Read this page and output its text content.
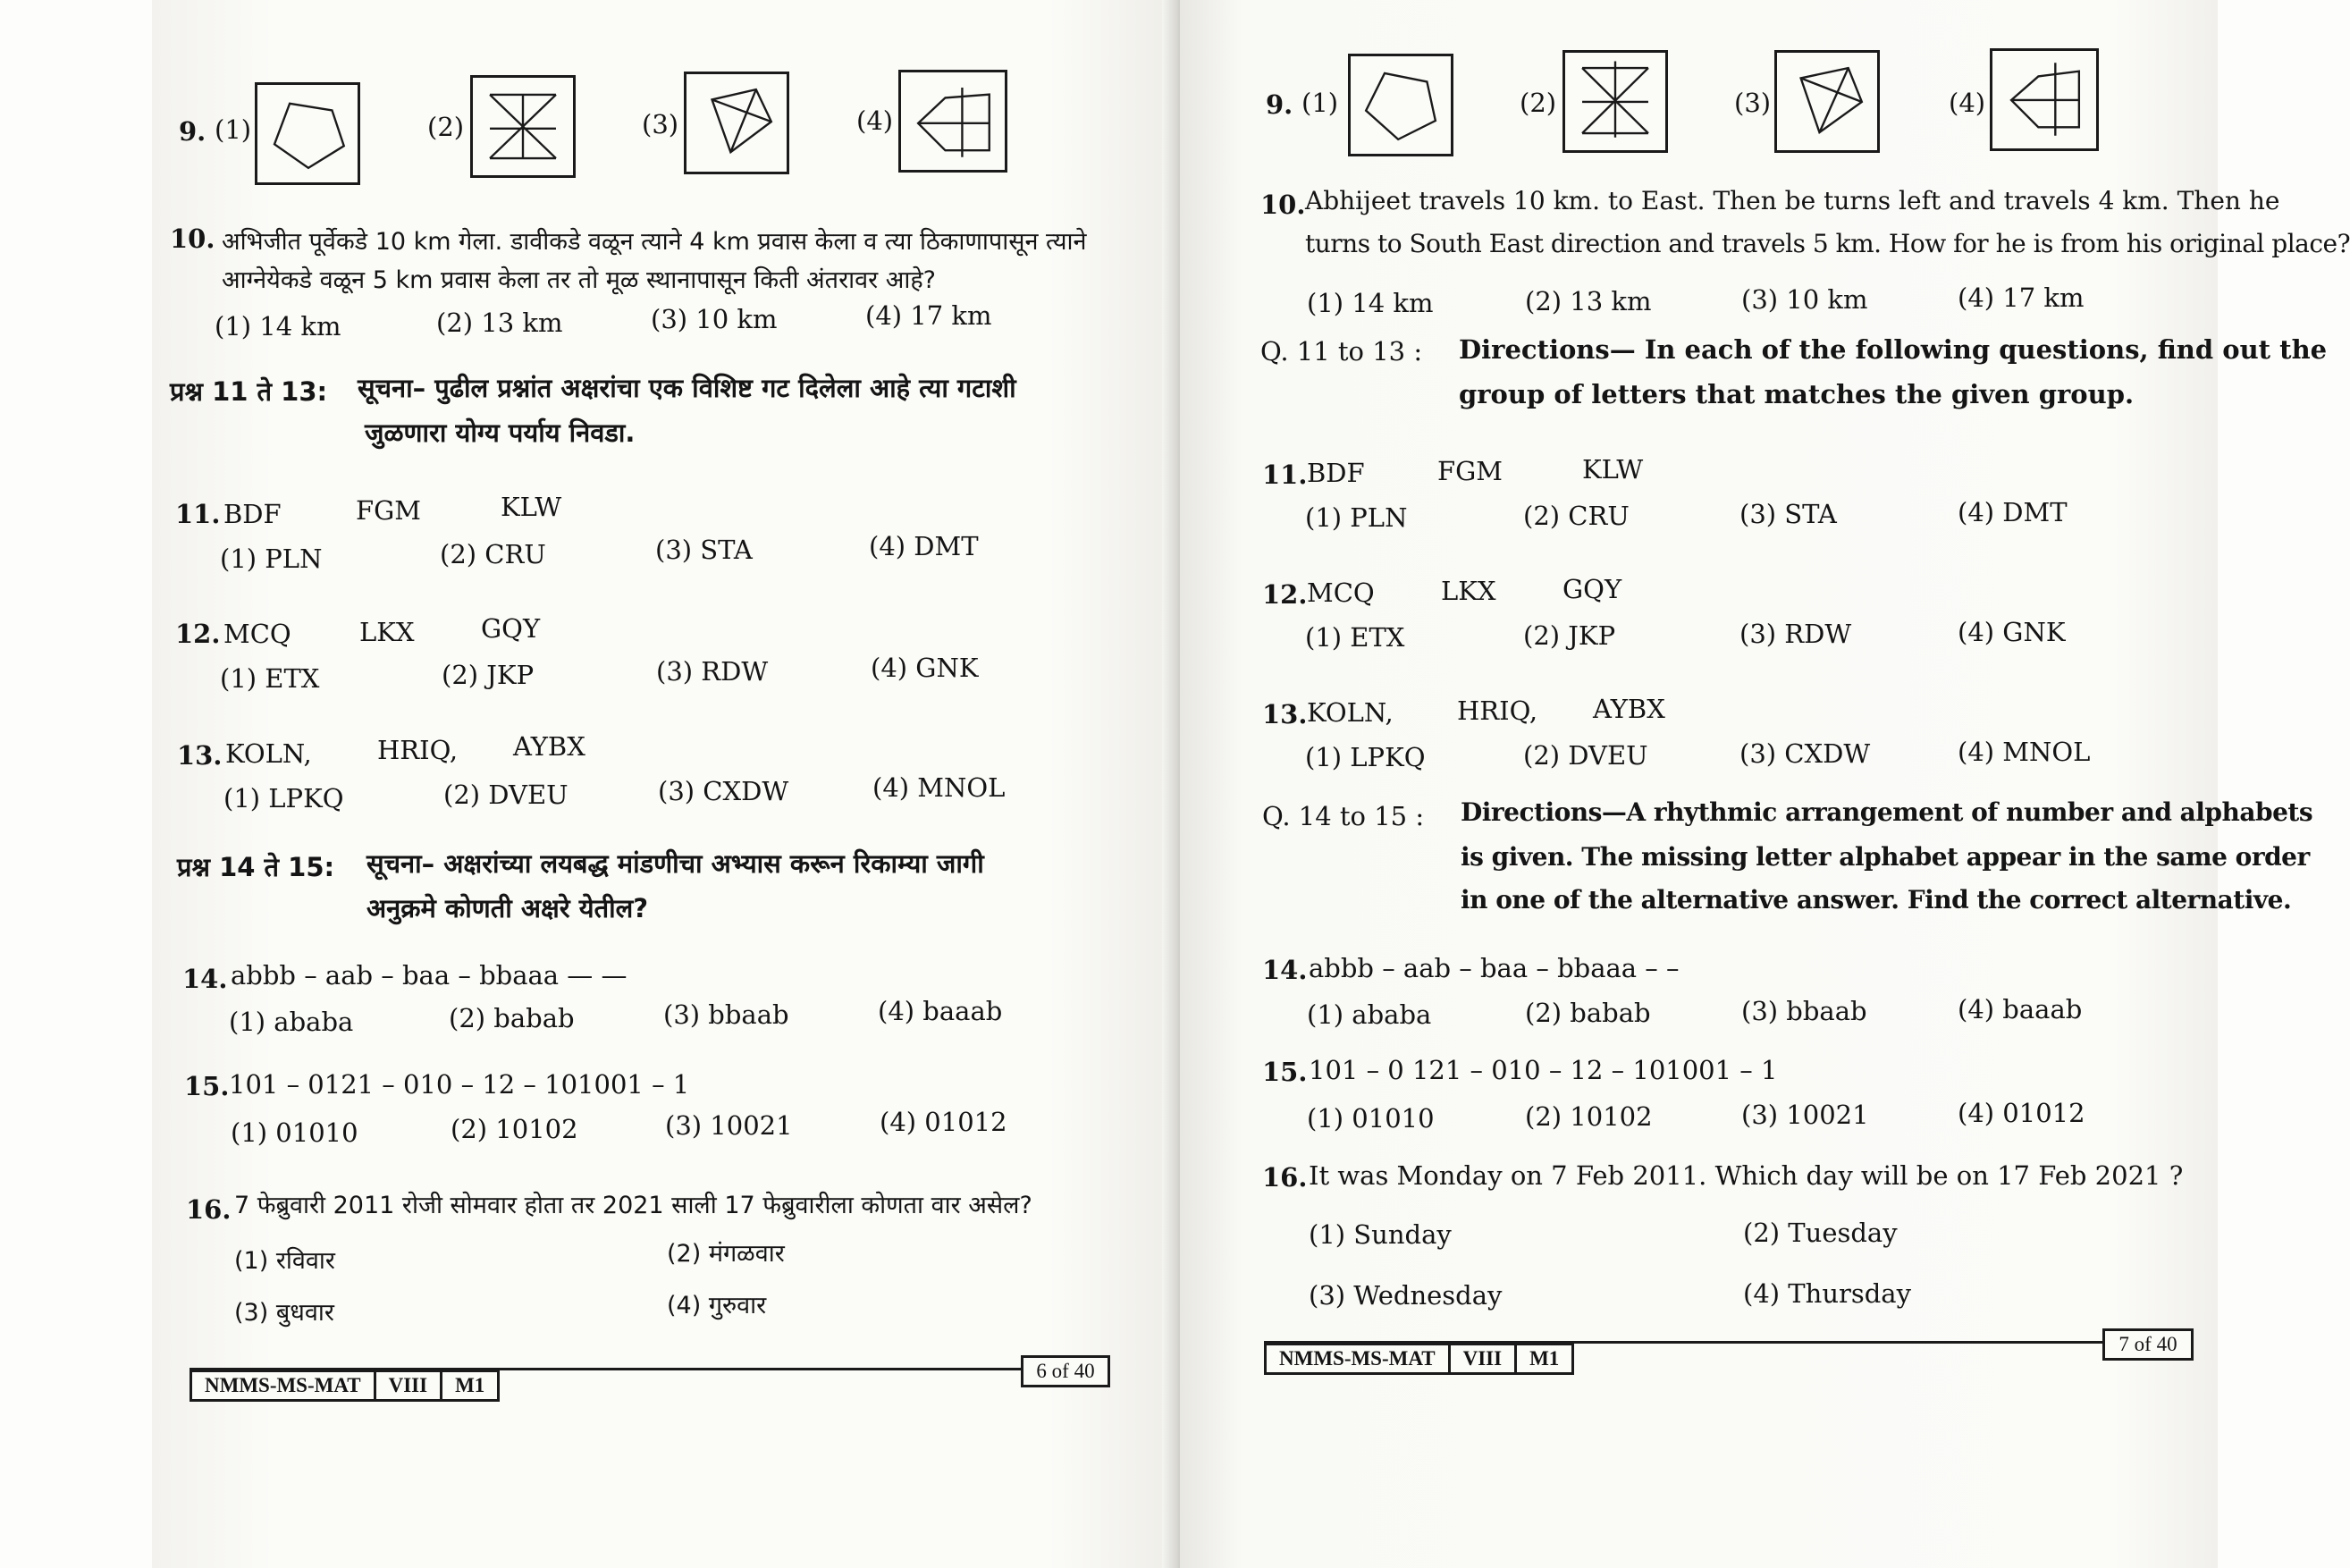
9. (1)	(2)	(3)	(4)
10. अभिजीत पूर्वेकडे 10 km गेला. डावीकडे वळून त्याने 4 km प्रवास केला व त्या ठिकाणापासून त्याने
आग्नेयेकडे वळून 5 km प्रवास केला तर तो मूळ स्थानापासून किती अंतरावर आहे?
(1) 14 km	(2) 13 km	(3) 10 km	(4) 17 km
प्रश्न 11 ते 13: सूचना– पुढील प्रश्नांत अक्षरांचा एक विशिष्ट गट दिलेला आहे त्या गटाशी
जुळणारा योग्य पर्याय निवडा.
11. BDF	FGM	KLW
(1) PLN	(2) CRU	(3) STA	(4) DMT
12. MCQ	LKX	GQY
(1) ETX	(2) JKP	(3) RDW	(4) GNK
13. KOLN,	HRIQ, AYBX
(1) LPKQ	(2) DVEU	(3) CXDW	(4) MNOL
प्रश्न 14 ते 15: सूचना– अक्षरांच्या लयबद्ध मांडणीचा अभ्यास करून रिकाम्या जागी
अनुक्रमे कोणती अक्षरे येतील?
14. abbb – aab – baa – bbaaa — —
(1) ababa	(2) babab	(3) bbaab	(4) baaab
15. 101 – 0121 – 010 – 12 – 101001 – 1
(1) 01010	(2) 10102	(3) 10021	(4) 01012
16. 7 फेब्रुवारी 2011 रोजी सोमवार होता तर 2021 साली 17 फेब्रुवारीला कोणता वार असेल?
(1) रविवार	(2) मंगळवार
(3) बुधवार	(4) गुरुवार
NMMS-MS-MAT	VIII	M1
6 of 40
9. (1)	(2)	(3)	(4)
10. Abhijeet travels 10 km. to East. Then be turns left and travels 4 km. Then he
turns to South East direction and travels 5 km. How for he is from his original place?
(1) 14 km	(2) 13 km	(3) 10 km	(4) 17 km
Q. 11 to 13 : Directions— In each of the following questions, find out the
group of letters that matches the given group.
11. BDF	FGM	KLW
(1) PLN	(2) CRU	(3) STA	(4) DMT
12. MCQ	LKX	GQY
(1) ETX	(2) JKP	(3) RDW	(4) GNK
13. KOLN, HRIQ, AYBX
(1) LPKQ	(2) DVEU	(3) CXDW	(4) MNOL
Q. 14 to 15 : Directions—A rhythmic arrangement of number and alphabets
is given. The missing letter alphabet appear in the same order
in one of the alternative answer. Find the correct alternative.
14. abbb – aab – baa – bbaaa – –
(1) ababa	(2) babab	(3) bbaab	(4) baaab
15. 101 – 0 121 – 010 – 12 – 101001 – 1
(1) 01010	(2) 10102	(3) 10021	(4) 01012
16. It was Monday on 7 Feb 2011. Which day will be on 17 Feb 2021 ?
(1) Sunday	(2) Tuesday
(3) Wednesday	(4) Thursday
NMMS-MS-MAT	VIII	M1
7 of 40
